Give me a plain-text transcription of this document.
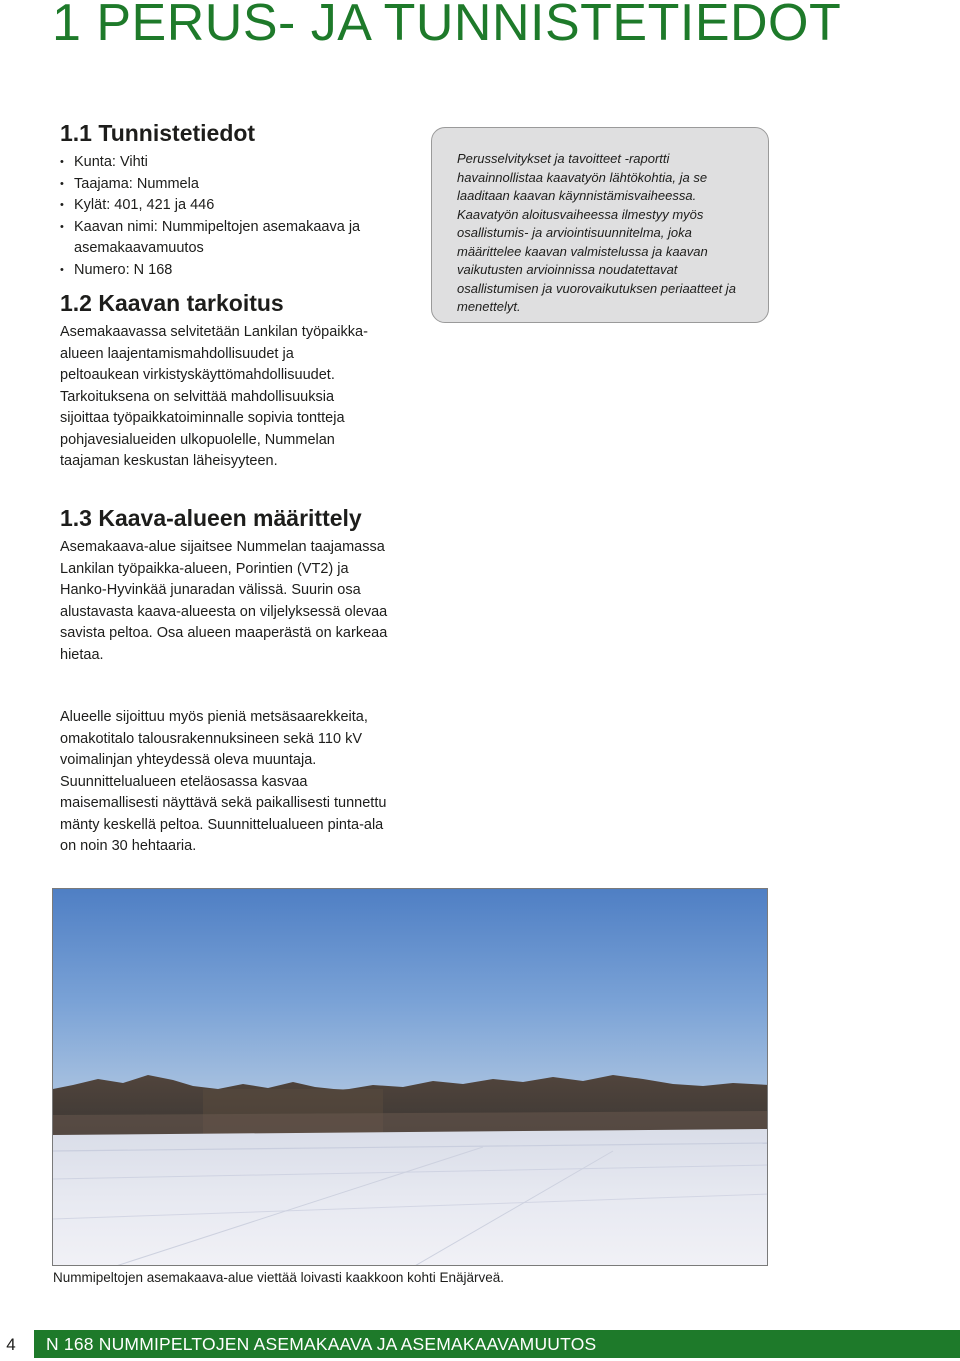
1 PERUS- JA TUNNISTETIEDOT
1.1 Tunnistetiedot
• Kunta: Vihti
• Taajama: Nummela
• Kylät: 401, 421 ja 446
• Kaavan nimi: Nummipeltojen asemakaava ja asemakaavamuutos
• Numero: N 168
1.2 Kaavan tarkoitus

Asemakaavassa selvitetään Lankilan työpaikka-alueen laajentamismahdollisuudet ja peltoaukean virkistyskäyttömahdollisuudet. Tarkoituksena on selvittää mahdollisuuksia sijoittaa työpaikkatoiminnalle sopivia tontteja pohjavesialueiden ulkopuolelle, Nummelan taajaman keskustan läheisyyteen.

Perusselvitykset ja tavoitteet -raportti havainnollistaa kaavatyön lähtökohtia, ja se laaditaan kaavan käynnistämisvaiheessa. Kaavatyön aloitusvaiheessa ilmestyy myös osallistumis- ja arviointisuunnitelma, joka määrittelee kaavan valmistelussa ja kaavan vaikutusten arvioinnissa noudatettavat osallistumisen ja vuorovaikutuksen periaatteet ja menettelyt.
1.3 Kaava-alueen määrittely

Asemakaava-alue sijaitsee Nummelan taajamassa Lankilan työpaikka-alueen, Porintien (VT2) ja Hanko-Hyvinkää junaradan välissä. Suurin osa alustavasta kaava-alueesta on viljelyksessä olevaa savista peltoa. Osa alueen maaperästä on karkeaa hietaa.

Alueelle sijoittuu myös pieniä metsäsaarekkeita, omakotitalo talousrakennuksineen sekä 110 kV voimalinjan yhteydessä oleva muuntaja. Suunnittelualueen eteläosassa kasvaa maisemallisesti näyttävä sekä paikallisesti tunnettu mänty keskellä peltoa. Suunnittelualueen pinta-ala on noin 30 hehtaaria.

Nummipeltojen asemakaava-alue viettää loivasti kaakkoon kohti Enäjärveä.

4	N 168 NUMMIPELTOJEN ASEMAKAAVA JA ASEMAKAAVAMUUTOS
